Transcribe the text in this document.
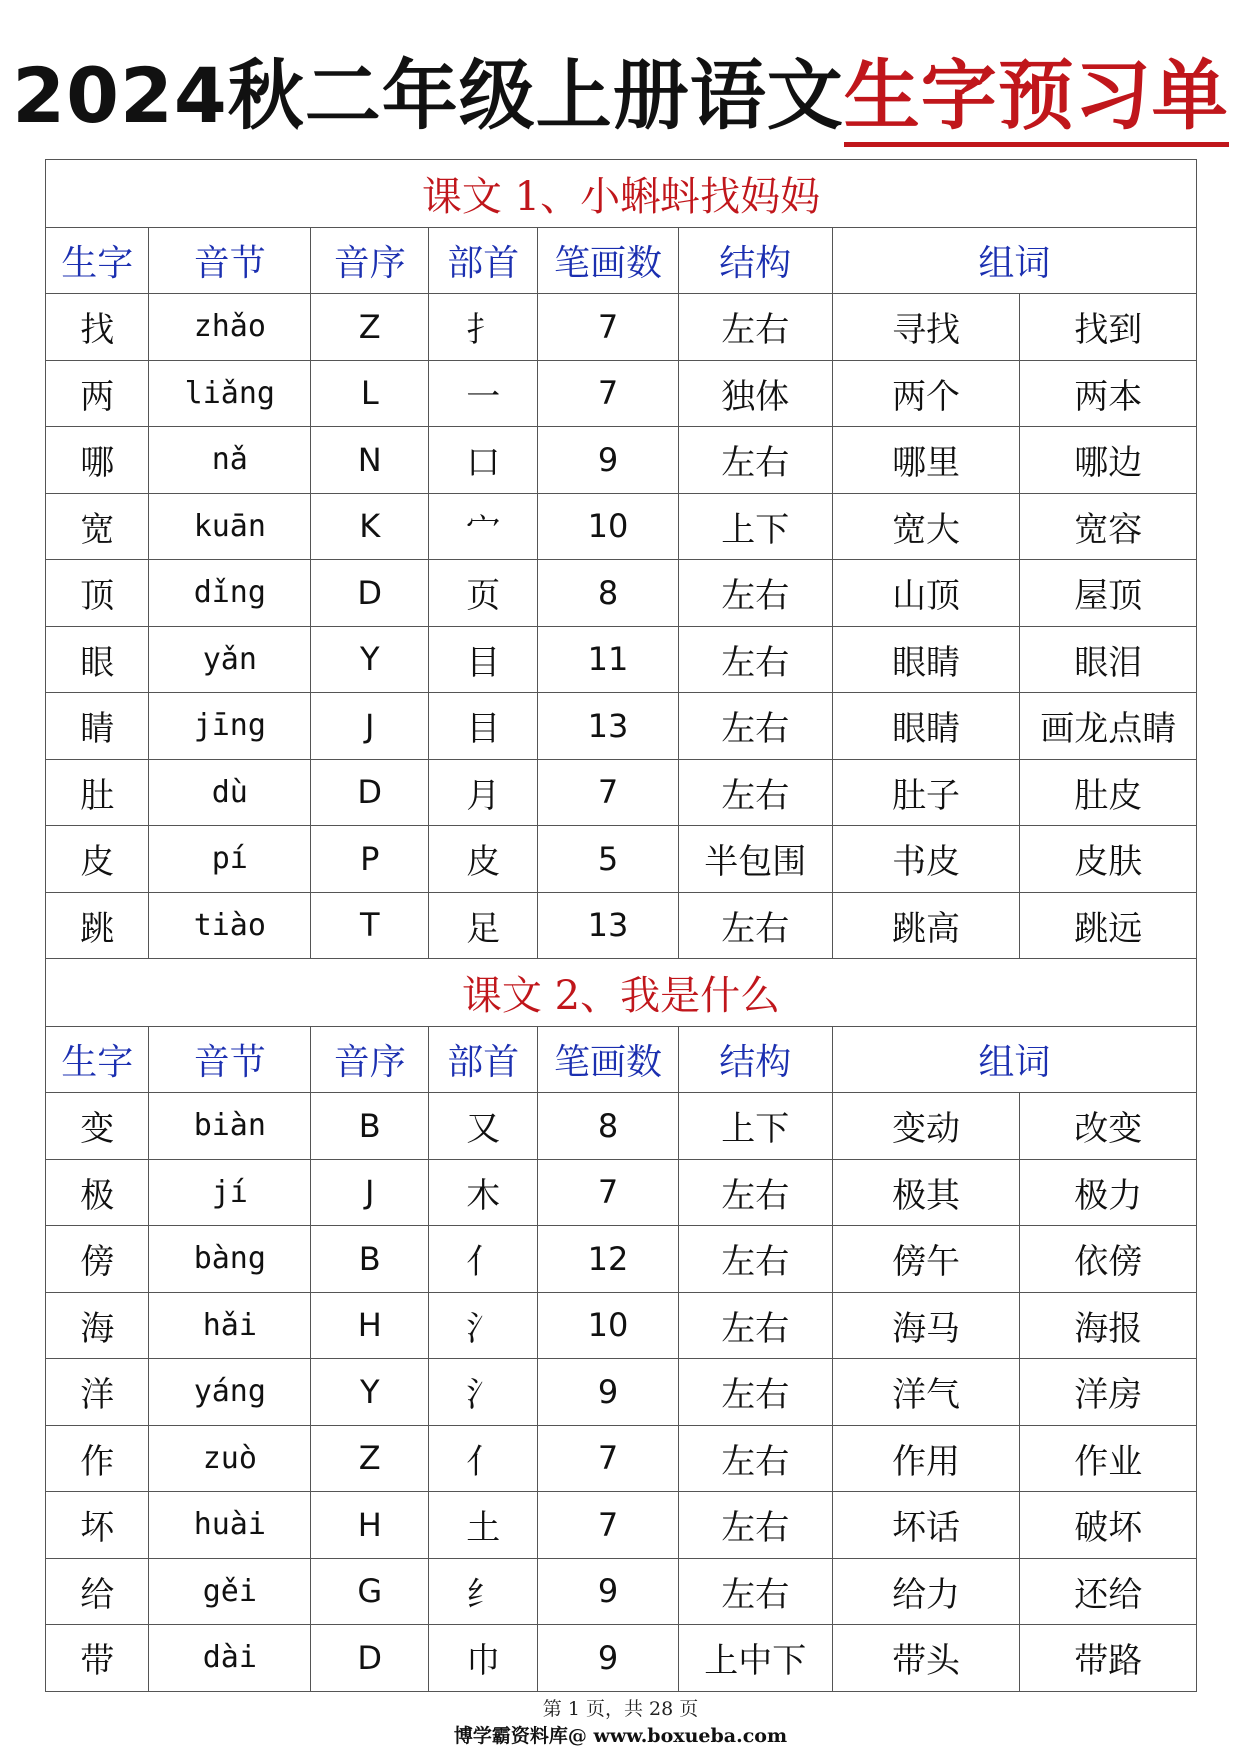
2024秋二年级上册语文生字预习单
课文 1、小蝌蚪找妈妈							
生字	音节	音序	部首	笔画数	结构	组词	
找	zhǎo	Z	扌	7	左右	寻找	找到
两	liǎng	L	一	7	独体	两个	两本
哪	nǎ	N	口	9	左右	哪里	哪边
宽	kuān	K	宀	10	上下	宽大	宽容
顶	dǐng	D	页	8	左右	山顶	屋顶
眼	yǎn	Y	目	11	左右	眼睛	眼泪
睛	jīng	J	目	13	左右	眼睛	画龙点睛
肚	dù	D	月	7	左右	肚子	肚皮
皮	pí	P	皮	5	半包围	书皮	皮肤
跳	tiào	T	足	13	左右	跳高	跳远
课文 2、我是什么							
生字	音节	音序	部首	笔画数	结构	组词	
变	biàn	B	又	8	上下	变动	改变
极	jí	J	木	7	左右	极其	极力
傍	bàng	B	亻	12	左右	傍午	依傍
海	hǎi	H	氵	10	左右	海马	海报
洋	yáng	Y	氵	9	左右	洋气	洋房
作	zuò	Z	亻	7	左右	作用	作业
坏	huài	H	土	7	左右	坏话	破坏
给	gěi	G	纟	9	左右	给力	还给
带	dài	D	巾	9	上中下	带头	带路
第 1 页，共 28 页
博学霸资料库@ www.boxueba.com
